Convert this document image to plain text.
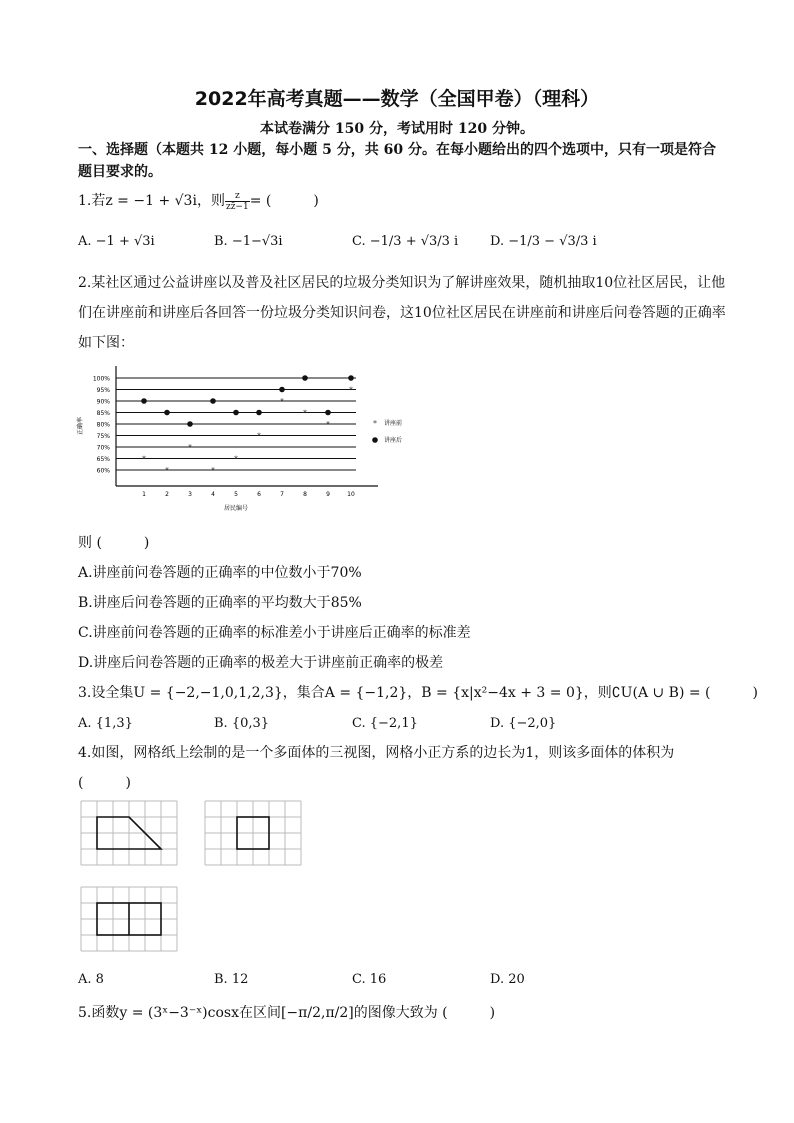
2022年高考真题——数学（全国甲卷）（理科）
本试卷满分 150 分，考试用时 120 分钟。
一、选择题（本题共 12 小题，每小题 5 分，共 60 分。在每小题给出的四个选项中，只有一项是符合题目要求的。
1.若z = −1 + √3i，则 $\frac{z}{zz̄-1}$ = (　　　)
A. −1 + √3i	B. −1−√3i	C. −1/3 + √3/3 i D. −1/3 − √3/3 i
2.某社区通过公益讲座以及普及社区居民的垃圾分类知识为了解讲座效果，随机抽取10位社区居民，让他们在讲座前和讲座后各回答一份垃圾分类知识问卷，这10位社区居民在讲座前和讲座后问卷答题的正确率如下图：
60%
65%
70%
75%
80%
85%
90%
95%
100%
1	2	3	4	5	6	7	8	9	10
居民编号
正确率
*
*
*
*
*
*
*
*
*
*
* 讲座前
讲座后
则 (　　　)
A.讲座前问卷答题的正确率的中位数小于70%
B.讲座后问卷答题的正确率的平均数大于85%
C.讲座前问卷答题的正确率的标准差小于讲座后正确率的标准差
D.讲座后问卷答题的正确率的极差大于讲座前正确率的极差
3.设全集U = {−2,−1,0,1,2,3}，集合A = {−1,2}，B = {x|x²−4x + 3 = 0}，则∁U(A ∪ B) = (　　　)
A. {1,3}	B. {0,3}	C. {−2,1}	D. {−2,0}
4.如图，网格纸上绘制的是一个多面体的三视图，网格小正方系的边长为1，则该多面体的体积为 (　　　)
A. 8	B. 12	C. 16	D. 20
5.函数y = (3ˣ−3⁻ˣ)cosx在区间[−π/2,π/2]的图像大致为 (　　　)
